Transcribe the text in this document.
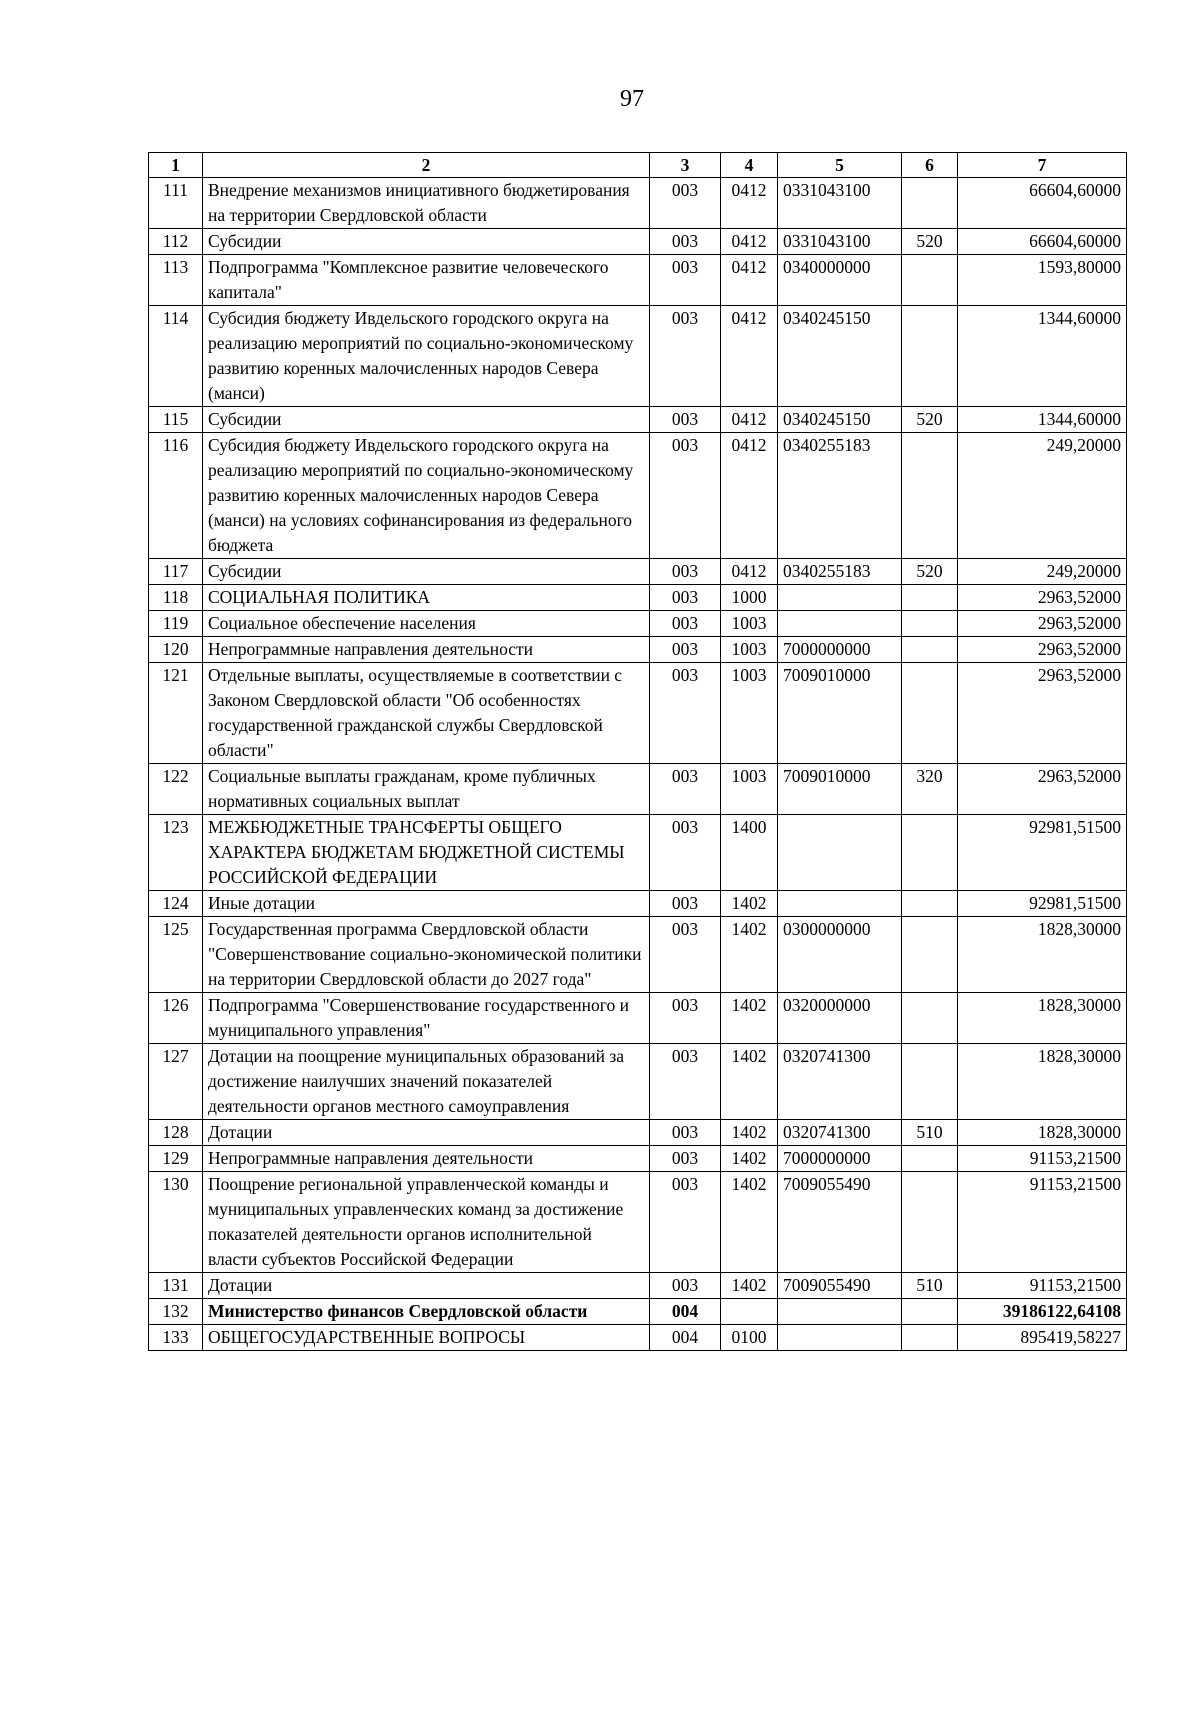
97
1	2	3	4	5	6	7
111	Внедрение механизмов инициативного бюджетирования на территории Свердловской области	003	0412	0331043100		66604,60000
112	Субсидии	003	0412	0331043100	520	66604,60000
113	Подпрограмма "Комплексное развитие человеческого капитала"	003	0412	0340000000		1593,80000
114	Субсидия бюджету Ивдельского городского округа на реализацию мероприятий по социально-экономическому развитию коренных малочисленных народов Севера (манси)	003	0412	0340245150		1344,60000
115	Субсидии	003	0412	0340245150	520	1344,60000
116	Субсидия бюджету Ивдельского городского округа на реализацию мероприятий по социально-экономическому развитию коренных малочисленных народов Севера (манси) на условиях софинансирования из федерального бюджета	003	0412	0340255183		249,20000
117	Субсидии	003	0412	0340255183	520	249,20000
118	СОЦИАЛЬНАЯ ПОЛИТИКА	003	1000			2963,52000
119	Социальное обеспечение населения	003	1003			2963,52000
120	Непрограммные направления деятельности	003	1003	7000000000		2963,52000
121	Отдельные выплаты, осуществляемые в соответствии с Законом Свердловской области "Об особенностях государственной гражданской службы Свердловской области"	003	1003	7009010000		2963,52000
122	Социальные выплаты гражданам, кроме публичных нормативных социальных выплат	003	1003	7009010000	320	2963,52000
123	МЕЖБЮДЖЕТНЫЕ ТРАНСФЕРТЫ ОБЩЕГО ХАРАКТЕРА БЮДЖЕТАМ БЮДЖЕТНОЙ СИСТЕМЫ РОССИЙСКОЙ ФЕДЕРАЦИИ	003	1400			92981,51500
124	Иные дотации	003	1402			92981,51500
125	Государственная программа Свердловской области "Совершенствование социально-экономической политики на территории Свердловской области до 2027 года"	003	1402	0300000000		1828,30000
126	Подпрограмма "Совершенствование государственного и муниципального управления"	003	1402	0320000000		1828,30000
127	Дотации на поощрение муниципальных образований за достижение наилучших значений показателей деятельности органов местного самоуправления	003	1402	0320741300		1828,30000
128	Дотации	003	1402	0320741300	510	1828,30000
129	Непрограммные направления деятельности	003	1402	7000000000		91153,21500
130	Поощрение региональной управленческой команды и муниципальных управленческих команд за достижение показателей деятельности органов исполнительной власти субъектов Российской Федерации	003	1402	7009055490		91153,21500
131	Дотации	003	1402	7009055490	510	91153,21500
132	Министерство финансов Свердловской области	004				39186122,64108
133	ОБЩЕГОСУДАРСТВЕННЫЕ ВОПРОСЫ	004	0100			895419,58227
